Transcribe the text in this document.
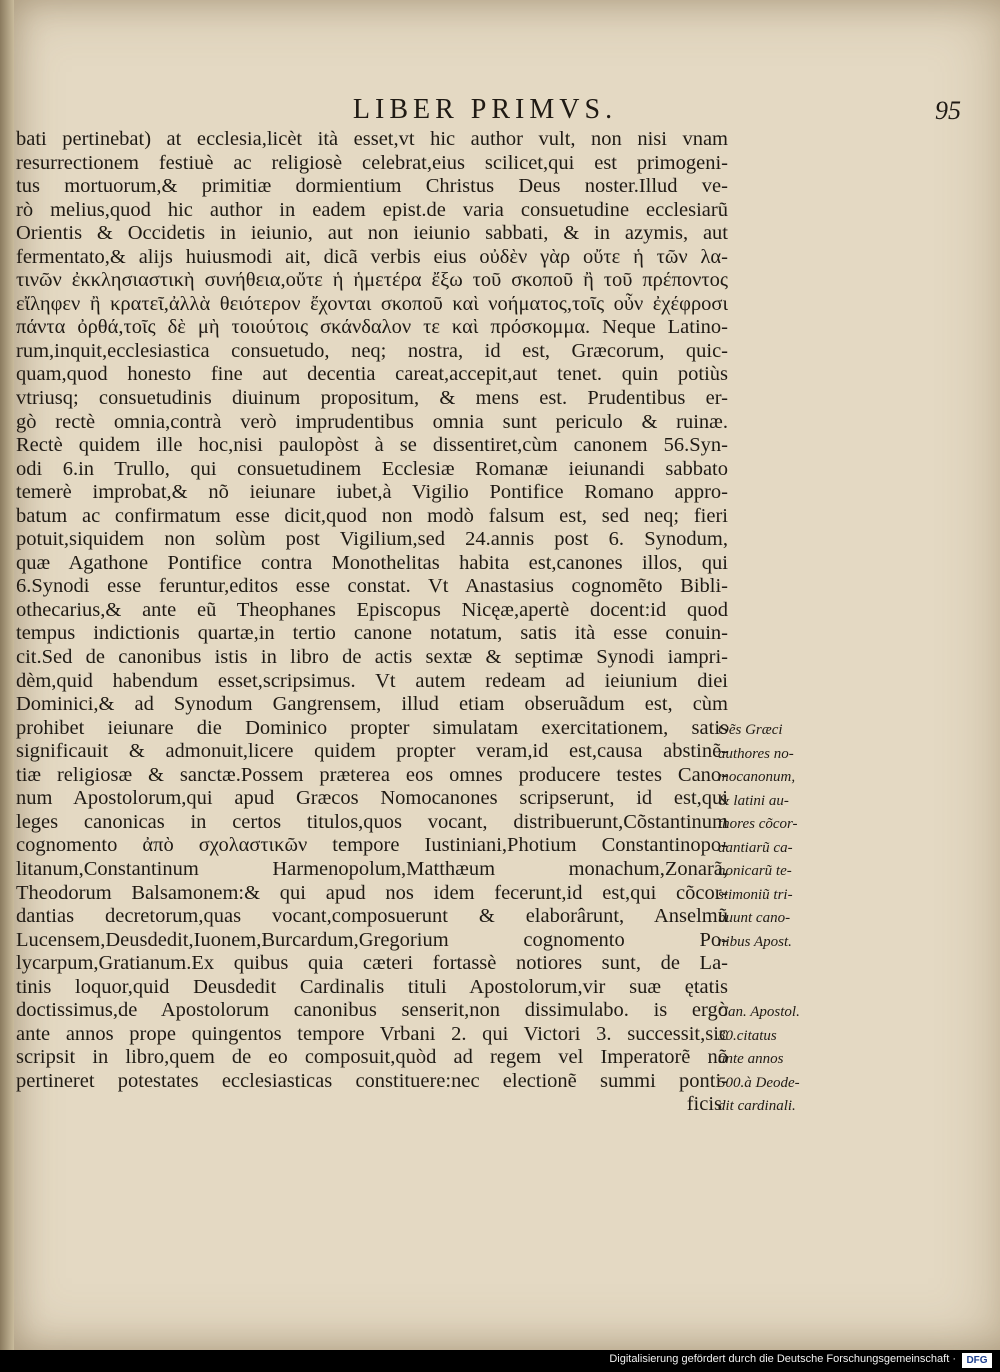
LIBER PRIMVS.	95
bati pertinebat) at ecclesia,licèt ità esset,vt hic author vult, non nisi vnam
resurrectionem festiuè ac religiosè celebrat,eius scilicet,qui est primogeni-
tus mortuorum,& primitiæ dormientium Christus Deus noster.Illud ve-
rò melius,quod hic author in eadem epist.de varia consuetudine ecclesiarũ
Orientis & Occidetis in ieiunio, aut non ieiunio sabbati, & in azymis, aut
fermentato,& alijs huiusmodi ait, dicã verbis eius οὐδὲν γὰρ οὔτε ἡ τῶν λα-
τινῶν ἐκκλησιαστικὴ συνήθεια,οὔτε ἡ ἡμετέρα ἔξω τοῦ σκοποῦ ἢ τοῦ πρέποντος
εἴληφεν ἢ κρατεῖ,ἀλλὰ θειότερον ἔχονται σκοποῦ καὶ νοήματος,τοῖς οὖν ἐχέφροσι
πάντα ὀρθά,τοῖς δὲ μὴ τοιούτοις σκάνδαλον τε καὶ πρόσκομμα. Neque Latino-
rum,inquit,ecclesiastica consuetudo, neq; nostra, id est, Græcorum, quic-
quam,quod honesto fine aut decentia careat,accepit,aut tenet. quin potiùs
vtriusq; consuetudinis diuinum propositum, & mens est. Prudentibus er-
gò rectè omnia,contrà verò imprudentibus omnia sunt periculo & ruinæ.
Rectè quidem ille hoc,nisi paulopòst à se dissentiret,cùm canonem 56.Syn-
odi 6.in Trullo, qui consuetudinem Ecclesiæ Romanæ ieiunandi sabbato
temerè improbat,& nõ ieiunare iubet,à Vigilio Pontifice Romano appro-
batum ac confirmatum esse dicit,quod non modò falsum est, sed neq; fieri
potuit,siquidem non solùm post Vigilium,sed 24.annis post 6. Synodum,
quæ Agathone Pontifice contra Monothelitas habita est,canones illos, qui
6.Synodi esse feruntur,editos esse constat. Vt Anastasius cognomẽto Bibli-
othecarius,& ante eũ Theophanes Episcopus Nicęæ,apertè docent:id quod
tempus indictionis quartæ,in tertio canone notatum, satis ità esse conuin-
cit.Sed de canonibus istis in libro de actis sextæ & septimæ Synodi iampri-
dèm,quid habendum esset,scripsimus. Vt autem redeam ad ieiunium diei
Dominici,& ad Synodum Gangrensem, illud etiam obseruãdum est, cùm
prohibet ieiunare die Dominico propter simulatam exercitationem, satis
significauit & admonuit,licere quidem propter veram,id est,causa abstinẽ-
tiæ religiosæ & sanctæ.Possem præterea eos omnes producere testes Cano-
num Apostolorum,qui apud Græcos Nomocanones scripserunt, id est,qui
leges canonicas in certos titulos,quos vocant, distribuerunt,Cõstantinum
cognomento ἀπὸ σχολαστικῶν tempore Iustiniani,Photium Constantinopo-
litanum,Constantinum Harmenopolum,Matthæum monachum,Zonarã,
Theodorum Balsamonem:& qui apud nos idem fecerunt,id est,qui cõcor-
dantias decretorum,quas vocant,composuerunt & elaborârunt, Anselmũ
Lucensem,Deusdedit,Iuonem,Burcardum,Gregorium cognomento Po-
lycarpum,Gratianum.Ex quibus quia cæteri fortassè notiores sunt, de La-
tinis loquor,quid Deusdedit Cardinalis tituli Apostolorum,vir suæ ętatis
doctissimus,de Apostolorum canonibus senserit,non dissimulabo. is ergò
ante annos prope quingentos tempore Vrbani 2. qui Victori 3. successit,sic
scripsit in libro,quem de eo composuit,quòd ad regem vel Imperatorẽ nõ
pertineret potestates ecclesiasticas constituere:nec electionẽ summi ponti-
ficis
Oẽs Græci
authores no-
mocanonum,
& latini au-
thores cõcor-
dantiarũ ca-
nonicarũ te-
stimoniũ tri-
buunt cano-
nibus Apost.
Can. Apostol.
30.citatus
ante annos
500.à Deode-
dit cardinali.
Digitalisierung gefördert durch die Deutsche Forschungsgemeinschaft ·	DFG
